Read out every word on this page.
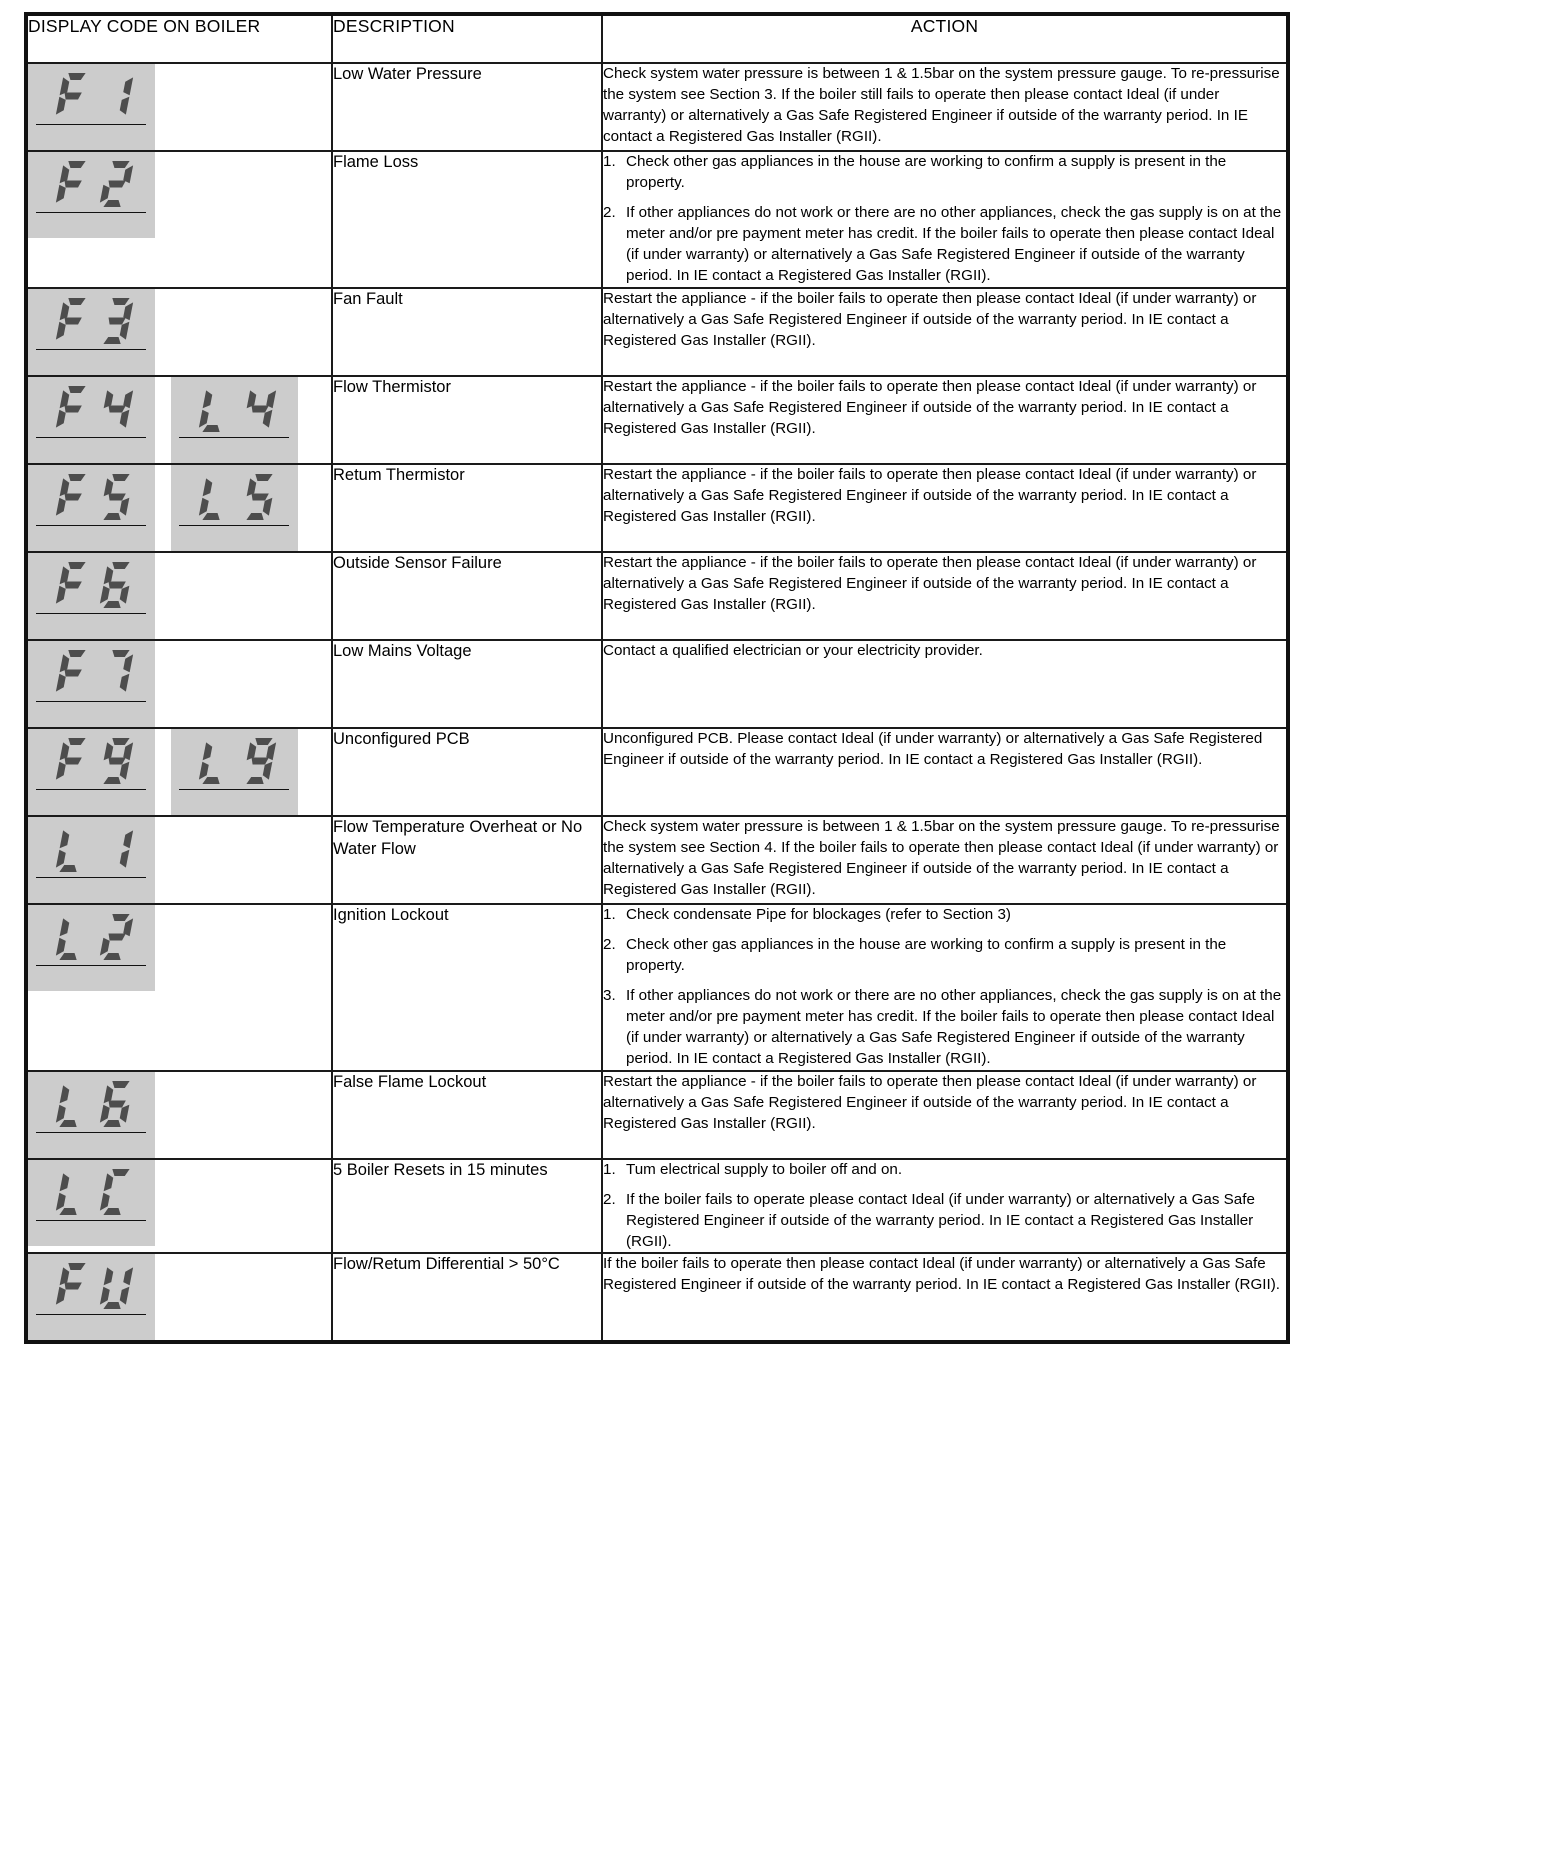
DISPLAY CODE ON BOILER	DESCRIPTION	ACTION

	Low Water Pressure	Check system water pressure is between 1 & 1.5bar on the system pressure gauge. To re-pressurise the system see Section 3. If the boiler still fails to operate then please contact Ideal (if under warranty) or alternatively a Gas Safe Registered Engineer if outside of the warranty period. In IE contact a Registered Gas Installer (RGII).

	Flame Loss	1. Check other gas appliances in the house are working to confirm a supply is present in the property.
2. If other appliances do not work or there are no other appliances, check the gas supply is on at the meter and/or pre payment meter has credit. If the boiler fails to operate then please contact Ideal (if under warranty) or alternatively a Gas Safe Registered Engineer if outside of the warranty period. In IE contact a Registered Gas Installer (RGII).

	Fan Fault	Restart the appliance - if the boiler fails to operate then please contact Ideal (if under warranty) or alternatively a Gas Safe Registered Engineer if outside of the warranty period. In IE contact a Registered Gas Installer (RGII).

	Flow Thermistor	Restart the appliance - if the boiler fails to operate then please contact Ideal (if under warranty) or alternatively a Gas Safe Registered Engineer if outside of the warranty period. In IE contact a Registered Gas Installer (RGII).

	Retum Thermistor	Restart the appliance - if the boiler fails to operate then please contact Ideal (if under warranty) or alternatively a Gas Safe Registered Engineer if outside of the warranty period. In IE contact a Registered Gas Installer (RGII).

	Outside Sensor Failure	Restart the appliance - if the boiler fails to operate then please contact Ideal (if under warranty) or alternatively a Gas Safe Registered Engineer if outside of the warranty period. In IE contact a Registered Gas Installer (RGII).

	Low Mains Voltage	Contact a qualified electrician or your electricity provider.

	Unconfigured PCB	Unconfigured PCB. Please contact Ideal (if under warranty) or alternatively a Gas Safe Registered Engineer if outside of the warranty period. In IE contact a Registered Gas Installer (RGII).

	Flow Temperature Overheat or No Water Flow	Check system water pressure is between 1 & 1.5bar on the system pressure gauge. To re-pressurise the system see Section 4. If the boiler fails to operate then please contact Ideal (if under warranty) or alternatively a Gas Safe Registered Engineer if outside of the warranty period. In IE contact a Registered Gas Installer (RGII).

	Ignition Lockout	1. Check condensate Pipe for blockages (refer to Section 3)
2. Check other gas appliances in the house are working to confirm a supply is present in the property.
3. If other appliances do not work or there are no other appliances, check the gas supply is on at the meter and/or pre payment meter has credit. If the boiler fails to operate then please contact Ideal (if under warranty) or alternatively a Gas Safe Registered Engineer if outside of the warranty period. In IE contact a Registered Gas Installer (RGII).

	False Flame Lockout	Restart the appliance - if the boiler fails to operate then please contact Ideal (if under warranty) or alternatively a Gas Safe Registered Engineer if outside of the warranty period. In IE contact a Registered Gas Installer (RGII).

	5 Boiler Resets in 15 minutes	1. Tum electrical supply to boiler off and on.
2. If the boiler fails to operate please contact Ideal (if under warranty) or alternatively a Gas Safe Registered Engineer if outside of the warranty period. In IE contact a Registered Gas Installer (RGII).

	Flow/Retum Differential > 50°C	If the boiler fails to operate then please contact Ideal (if under warranty) or alternatively a Gas Safe Registered Engineer if outside of the warranty period. In IE contact a Registered Gas Installer (RGII).
